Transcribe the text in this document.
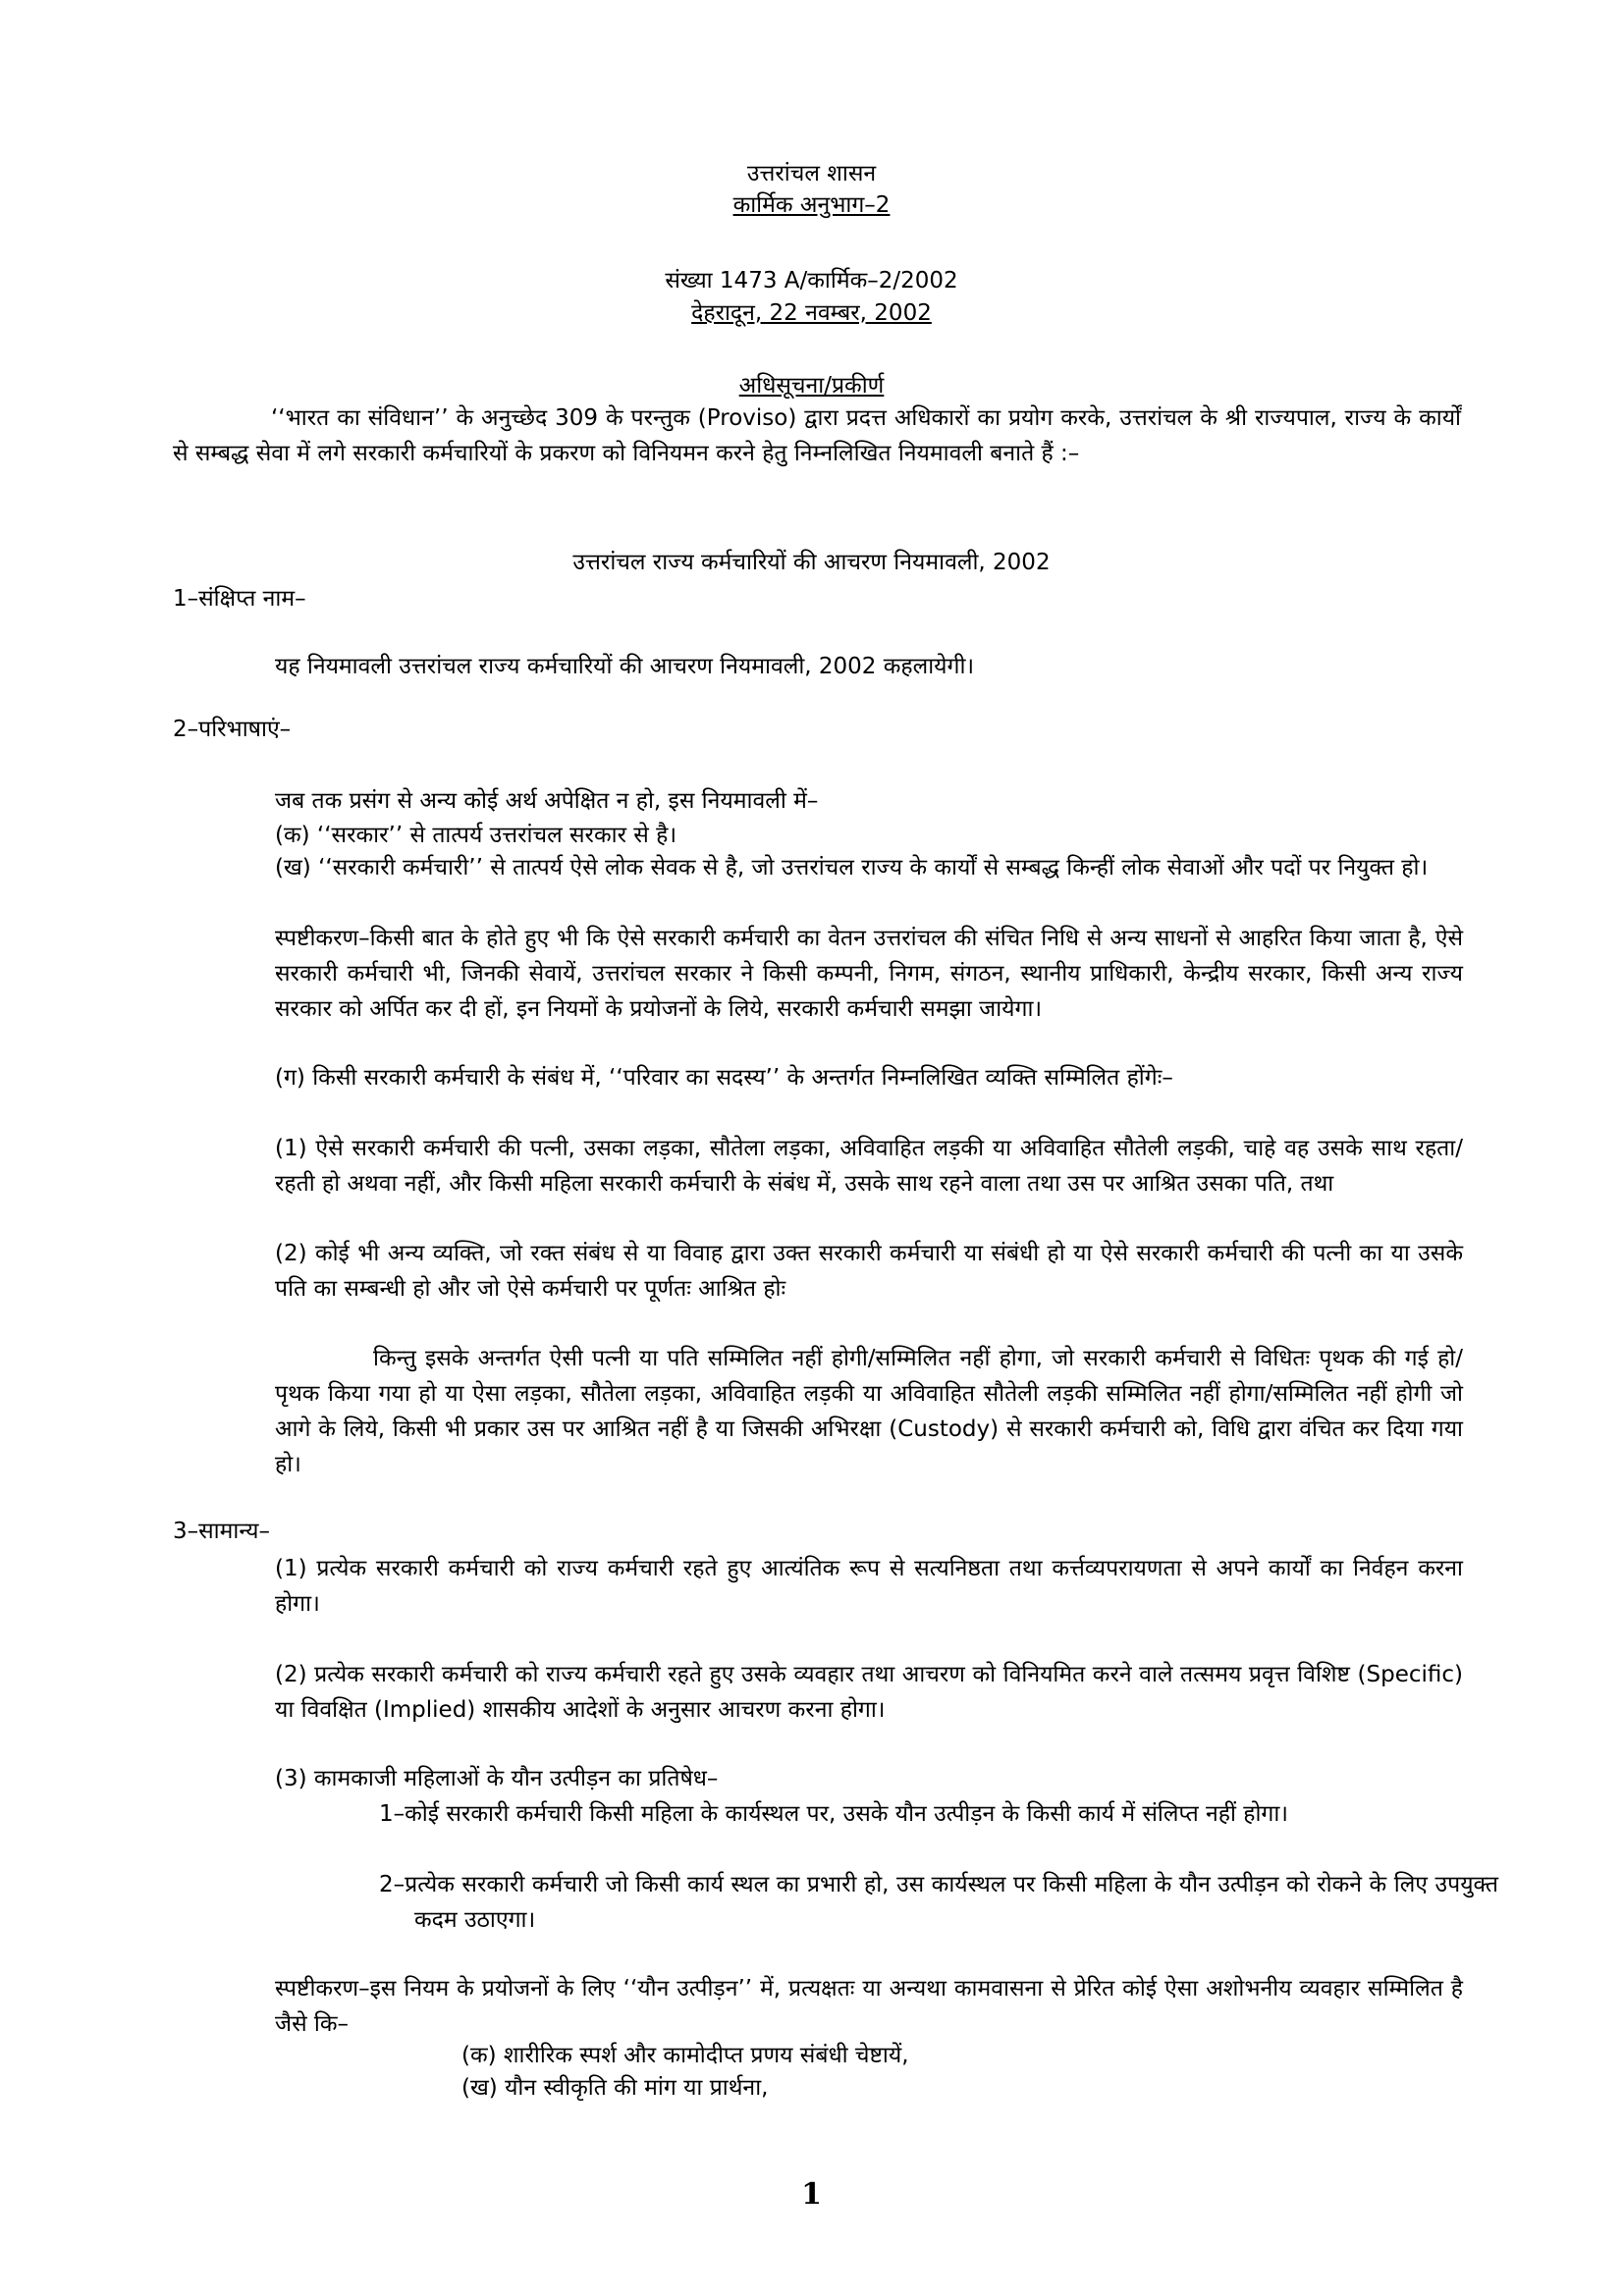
उत्तरांचल शासन
कार्मिक अनुभाग–2
संख्या 1473 A/कार्मिक–2/2002
देहरादून, 22 नवम्बर, 2002
अधिसूचना/प्रकीर्ण
‘‘भारत का संविधान’’ के अनुच्छेद 309 के परन्तुक (Proviso) द्वारा प्रदत्त अधिकारों का प्रयोग करके, उत्तरांचल के श्री राज्यपाल, राज्य के कार्यों से सम्बद्ध सेवा में लगे सरकारी कर्मचारियों के प्रकरण को विनियमन करने हेतु निम्नलिखित नियमावली बनाते हैं :–
उत्तरांचल राज्य कर्मचारियों की आचरण नियमावली, 2002
1–संक्षिप्त नाम–
यह नियमावली उत्तरांचल राज्य कर्मचारियों की आचरण नियमावली, 2002 कहलायेगी।
2–परिभाषाएं–
जब तक प्रसंग से अन्य कोई अर्थ अपेक्षित न हो, इस नियमावली में–
(क) ‘‘सरकार’’ से तात्पर्य उत्तरांचल सरकार से है।
(ख) ‘‘सरकारी कर्मचारी’’ से तात्पर्य ऐसे लोक सेवक से है, जो उत्तरांचल राज्य के कार्यों से सम्बद्ध किन्हीं लोक सेवाओं और पदों पर नियुक्त हो।
स्पष्टीकरण–किसी बात के होते हुए भी कि ऐसे सरकारी कर्मचारी का वेतन उत्तरांचल की संचित निधि से अन्य साधनों से आहरित किया जाता है, ऐसे सरकारी कर्मचारी भी, जिनकी सेवायें, उत्तरांचल सरकार ने किसी कम्पनी, निगम, संगठन, स्थानीय प्राधिकारी, केन्द्रीय सरकार, किसी अन्य राज्य सरकार को अर्पित कर दी हों, इन नियमों के प्रयोजनों के लिये, सरकारी कर्मचारी समझा जायेगा।
(ग) किसी सरकारी कर्मचारी के संबंध में, ‘‘परिवार का सदस्य’’ के अन्तर्गत निम्नलिखित व्यक्ति सम्मिलित होंगेः–
(1) ऐसे सरकारी कर्मचारी की पत्नी, उसका लड़का, सौतेला लड़का, अविवाहित लड़की या अविवाहित सौतेली लड़की, चाहे वह उसके साथ रहता/रहती हो अथवा नहीं, और किसी महिला सरकारी कर्मचारी के संबंध में, उसके साथ रहने वाला तथा उस पर आश्रित उसका पति, तथा
(2) कोई भी अन्य व्यक्ति, जो रक्त संबंध से या विवाह द्वारा उक्त सरकारी कर्मचारी या संबंधी हो या ऐसे सरकारी कर्मचारी की पत्नी का या उसके पति का सम्बन्धी हो और जो ऐसे कर्मचारी पर पूर्णतः आश्रित होः
किन्तु इसके अन्तर्गत ऐसी पत्नी या पति सम्मिलित नहीं होगी/सम्मिलित नहीं होगा, जो सरकारी कर्मचारी से विधितः पृथक की गई हो/पृथक किया गया हो या ऐसा लड़का, सौतेला लड़का, अविवाहित लड़की या अविवाहित सौतेली लड़की सम्मिलित नहीं होगा/सम्मिलित नहीं होगी जो आगे के लिये, किसी भी प्रकार उस पर आश्रित नहीं है या जिसकी अभिरक्षा (Custody) से सरकारी कर्मचारी को, विधि द्वारा वंचित कर दिया गया हो।
3–सामान्य–
(1) प्रत्येक सरकारी कर्मचारी को राज्य कर्मचारी रहते हुए आत्यंतिक रूप से सत्यनिष्ठता तथा कर्त्तव्यपरायणता से अपने कार्यों का निर्वहन करना होगा।
(2) प्रत्येक सरकारी कर्मचारी को राज्य कर्मचारी रहते हुए उसके व्यवहार तथा आचरण को विनियमित करने वाले तत्समय प्रवृत्त विशिष्ट (Specific) या विवक्षित (Implied) शासकीय आदेशों के अनुसार आचरण करना होगा।
(3) कामकाजी महिलाओं के यौन उत्पीड़न का प्रतिषेध–
1–कोई सरकारी कर्मचारी किसी महिला के कार्यस्थल पर, उसके यौन उत्पीड़न के किसी कार्य में संलिप्त नहीं होगा।
2–प्रत्येक सरकारी कर्मचारी जो किसी कार्य स्थल का प्रभारी हो, उस कार्यस्थल पर किसी महिला के यौन उत्पीड़न को रोकने के लिए उपयुक्त कदम उठाएगा।
स्पष्टीकरण–इस नियम के प्रयोजनों के लिए ‘‘यौन उत्पीड़न’’ में, प्रत्यक्षतः या अन्यथा कामवासना से प्रेरित कोई ऐसा अशोभनीय व्यवहार सम्मिलित है जैसे कि–
(क) शारीरिक स्पर्श और कामोदीप्त प्रणय संबंधी चेष्टायें,
(ख) यौन स्वीकृति की मांग या प्रार्थना,
1
